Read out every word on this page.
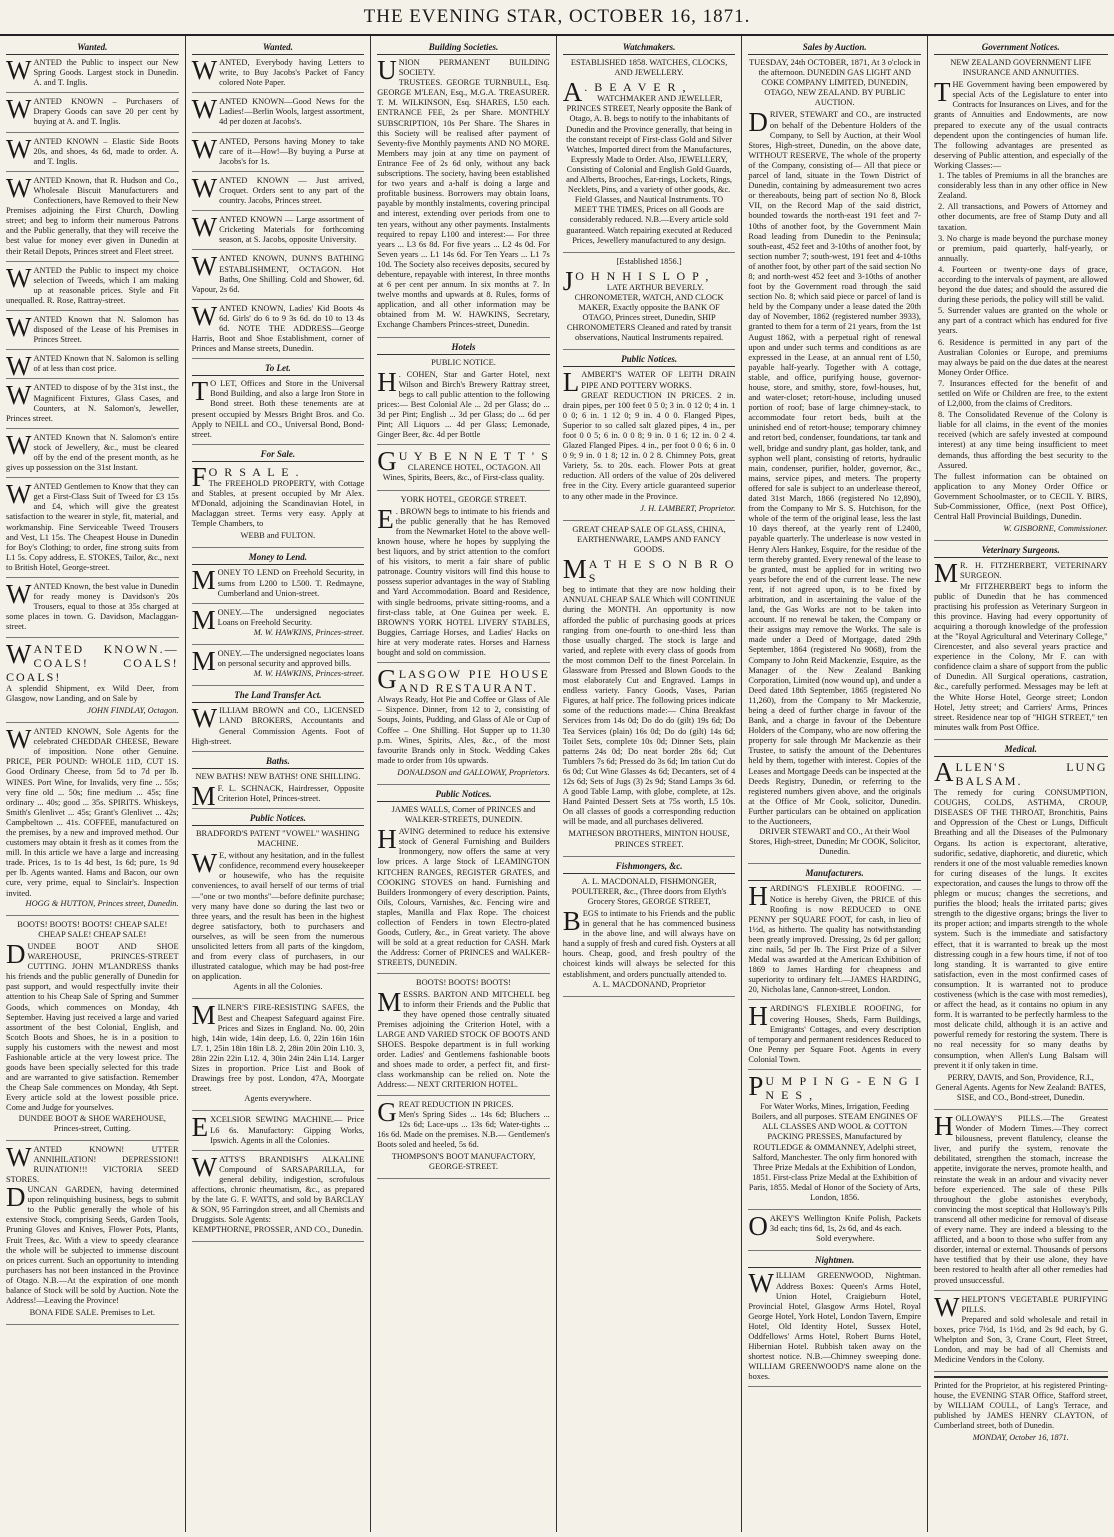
THE EVENING STAR, OCTOBER 16, 1871.
Wanted.
WANTED the Public to inspect our New Spring Goods. Largest stock in Dunedin. A. and T. Inglis.
WANTED KNOWN – Purchasers of Drapery Goods can save 20 per cent by buying at A. and T. Inglis.
WANTED KNOWN – Elastic Side Boots 20s, and shoes, 4s 6d, made to order. A. and T. Inglis.
WANTED Known, that R. Hudson and Co., Wholesale Biscuit Manufacturers and Confectioners, have Removed to their New Premises adjoining the First Church, Dowling street; and beg to inform their numerous Patrons and the Public generally, that they will receive the best value for money ever given in Dunedin at their Retail Depots, Princes street and Fleet street.
WANTED the Public to inspect my choice selection of Tweeds, which I am making up at reasonable prices. Style and Fit unequalled. R. Rose, Rattray-street.
WANTED Known that N. Salomon has disposed of the Lease of his Premises in Princes Street.
WANTED Known that N. Salomon is selling of at less than cost price.
WANTED to dispose of by the 31st inst., the Magnificent Fixtures, Glass Cases, and Counters, at N. Salomon's, Jeweller, Princes street.
WANTED Known that N. Salomon's entire stock of Jewellery, &c., must be cleared off by the end of the present month, as he gives up possession on the 31st Instant.
WANTED Gentlemen to Know that they can get a First-Class Suit of Tweed for £3 15s and £4, which will give the greatest satisfaction to the wearer in style, fit, material, and workmanship. Fine Serviceable Tweed Trousers and Vest, L1 15s. The Cheapest House in Dunedin for Boy's Clothing; to order, fine strong suits from L1 5s. Copy address, E. STOKES, Tailor, &c., next to British Hotel, George-street.
WANTED Known, the best value in Dunedin for ready money is Davidson's 20s Trousers, equal to those at 35s charged at some places in town. G. Davidson, Maclaggan-street.
WANTED KNOWN.— COALS! COALS! COALS!

A splendid Shipment, ex Wild Deer, from Glasgow, now Landing, and on Sale by

JOHN FINDLAY, Octagon.

WANTED KNOWN, Sole Agents for the celebrated CHEDDAR CHEESE, Beware of imposition. None other Genuine. PRICE, PER POUND: WHOLE 11D, CUT 1S. Good Ordinary Cheese, from 5d to 7d per lb. WINES. Port Wine, for Invalids, very fine ... 55s; very fine old ... 50s; fine medium ... 45s; fine ordinary ... 40s; good ... 35s. SPIRITS. Whiskeys, Smith's Glenlivet ... 45s; Grant's Glenlivet ... 42s; Campbeltown ... 41s. COFFEE, manufactured on the premises, by a new and improved method. Our customers may obtain it fresh as it comes from the mill. In this article we have a large and increasing trade. Prices, 1s to 1s 4d best, 1s 6d; pure, 1s 9d per lb. Agents wanted. Hams and Bacon, our own cure, very prime, equal to Sinclair's. Inspection invited.

HOGG & HUTTON, Princes street, Dunedin.

BOOTS! BOOTS! BOOTS! CHEAP SALE! CHEAP SALE! CHEAP SALE!

D UNDEE BOOT AND SHOE WAREHOUSE, PRINCES-STREET CUTTING. JOHN M'LANDRESS thanks his friends and the public generally of Dunedin for past support, and would respectfully invite their attention to his Cheap Sale of Spring and Summer Goods, which commences on Monday, 4th September. Having just received a large and varied assortment of the best Colonial, English, and Scotch Boots and Shoes, he is in a position to supply his customers with the newest and most Fashionable article at the very lowest price. The goods have been specially selected for this trade and are warranted to give satisfaction. Remember the Cheap Sale commences on Monday, 4th Sept. Every article sold at the lowest possible price. Come and Judge for yourselves.

DUNDEE BOOT & SHOE WAREHOUSE, Princes-street, Cutting.

WANTED KNOWN! UTTER ANNIHILATION! DEPRESSION!! RUINATION!!! VICTORIA SEED STORES.

DUNCAN GARDEN, having determined upon relinquishing business, begs to submit to the Public generally the whole of his extensive Stock, comprising Seeds, Garden Tools, Pruning Gloves and Knives, Flower Pots, Plants, Fruit Trees, &c. With a view to speedy clearance the whole will be subjected to immense discount on prices current. Such an opportunity to intending purchasers has not been instanced in the Province of Otago. N.B.—At the expiration of one month balance of Stock will be sold by Auction. Note the Address!—Leaving the Province!

BONA FIDE SALE. Premises to Let.

Wanted.
WANTED, Everybody having Letters to write, to Buy Jacobs's Packet of Fancy colored Note Paper.
WANTED KNOWN—Good News for the Ladies!—Berlin Wools, largest assortment, 4d per dozen at Jacobs's.
WANTED, Persons having Money to take care of it—How!—By buying a Purse at Jacobs's for 1s.
WANTED KNOWN — Just arrived, Croquet. Orders sent to any part of the country. Jacobs, Princes street.
WANTED KNOWN — Large assortment of Cricketing Materials for forthcoming season, at S. Jacobs, opposite University.
WANTED KNOWN, DUNN'S BATHING ESTABLISHMENT, OCTAGON. Hot Baths, One Shilling. Cold and Shower, 6d. Vapour, 2s 6d.
WANTED KNOWN, Ladies' Kid Boots 4s 6d. Girls' do 6 to 9 3s 6d. do 10 to 13 4s 6d. NOTE THE ADDRESS—George Harris, Boot and Shoe Establishment, corner of Princes and Manse streets, Dunedin.
To Let.
T O LET, Offices and Store in the Universal Bond Building, and also a large Iron Store in Bond street. Both these tenements are at present occupied by Messrs Bright Bros. and Co. Apply to NEILL and CO., Universal Bond, Bond-street.
For Sale.
F O R S A L E .

The FREEHOLD PROPERTY, with Cottage and Stables, at present occupied by Mr Alex. M'Donald, adjoining the Scandinavian Hotel, in Maclaggan street. Terms very easy. Apply at Temple Chambers, to

WEBB and FULTON.

Money to Lend.
MONEY TO LEND on Freehold Security, in sums from L200 to L500. T. Redmayne, Cumberland and Union-street.
MONEY.—The undersigned negociates Loans on Freehold Security.

M. W. HAWKINS, Princes-street.

MONEY.—The undersigned negociates loans on personal security and approved bills.

M. W. HAWKINS, Princes-street.

The Land Transfer Act.
WILLIAM BROWN and CO., LICENSED LAND BROKERS, Accountants and General Commission Agents. Foot of High-street.
Baths.

NEW BATHS! NEW BATHS! ONE SHILLING.

M F. L. SCHNACK, Hairdresser, Opposite Criterion Hotel, Princes-street.
Public Notices.

BRADFORD'S PATENT "VOWEL" WASHING MACHINE.

W E, without any hesitation, and in the fullest confidence, recommend every housekeeper or housewife, who has the requisite conveniences, to avail herself of our terms of trial—"one or two months"—before definite purchase; very many have done so during the last two or three years, and the result has been in the highest degree satisfactory, both to purchasers and ourselves, as will be seen from the numerous unsolicited letters from all parts of the kingdom, and from every class of purchasers, in our illustrated catalogue, which may be had post-free on application.

Agents in all the Colonies.

MILNER'S FIRE-RESISTING SAFES, the Best and Cheapest Safeguard against Fire. Prices and Sizes in England. No. 00, 20in high, 14in wide, 14in deep, L6. 0, 22in 16in 16in L7. 1, 25in 18in 18in L8. 2, 28in 20in 20in L10. 3, 28in 22in 22in L12. 4, 30in 24in 24in L14. Larger Sizes in proportion. Price List and Book of Drawings free by post. London, 47A, Moorgate street.

Agents everywhere.

EXCELSIOR SEWING MACHINE.— Price L6 6s. Manufactory: Gipping Works, Ipswich. Agents in all the Colonies.
WATTS'S BRANDISH'S ALKALINE Compound of SARSAPARILLA, for general debility, indigestion, scrofulous affections, chronic rheumatism, &c., as prepared by the late G. F. WATTS, and sold by BARCLAY & SON, 95 Farringdon street, and all Chemists and Druggists. Sole Agents:

KEMPTHORNE, PROSSER, AND CO., Dunedin.

Building Societies.
UNION PERMANENT BUILDING SOCIETY.

TRUSTEES. GEORGE TURNBULL, Esq. GEORGE M'LEAN, Esq., M.G.A. TREASURER. T. M. WILKINSON, Esq. SHARES, L50 each. ENTRANCE FEE, 2s per Share. MONTHLY SUBSCRIPTION, 10s Per Share. The Shares in this Society will be realised after payment of Seventy-five Monthly payments AND NO MORE. Members may join at any time on payment of Entrance Fee of 2s 6d only, without any back subscriptions. The society, having been established for two years and a-half is doing a large and profitable business. Borrowers may obtain loans, payable by monthly instalments, covering principal and interest, extending over periods from one to ten years, without any other payments. Instalments required to repay L100 and interest:— For three years ... L3 6s 8d. For five years ... L2 4s 0d. For Seven years ... L1 14s 6d. For Ten Years ... L1 7s 10d. The Society also receives deposits, secured by debenture, repayable with interest, In three months at 6 per cent per annum. In six months at 7. In twelve months and upwards at 8. Rules, forms of application, and all other information may be obtained from M. W. HAWKINS, Secretary, Exchange Chambers Princes-street, Dunedin.

Hotels

PUBLIC NOTICE.

H . COHEN, Star and Garter Hotel, next Wilson and Birch's Brewery Rattray street, begs to call public attention to the following prices:— Best Colonial Ale ... 2d per Glass; do ... 3d per Pint; English ... 3d per Glass; do ... 6d per Pint; All Liquors ... 4d per Glass; Lemonade, Ginger Beer, &c. 4d per Bottle
G U Y B E N N E T T ' S

CLARENCE HOTEL, OCTAGON. All Wines, Spirits, Beers, &c., of First-class quality.

YORK HOTEL, GEORGE STREET.

E . BROWN begs to intimate to his friends and the public generally that he has Removed from the Newmarket Hotel to the above well-known house, where he hopes by supplying the best liquors, and by strict attention to the comfort of his visitors, to merit a fair share of public patronage. Country visitors will find this house to possess superior advantages in the way of Stabling and Yard Accommodation. Board and Residence, with single bedrooms, private sitting-rooms, and a first-class table, at One Guinea per week. E. BROWN'S YORK HOTEL LIVERY STABLES, Buggies, Carriage Horses, and Ladies' Hacks on hire at very moderate rates. Horses and Harness bought and sold on commission.
GLASGOW PIE HOUSE AND RESTAURANT.

Always Ready, Hot Pie and Coffee or Glass of Ale – Sixpence. Dinner, from 12 to 2, consisting of Soups, Joints, Pudding, and Glass of Ale or Cup of Coffee – One Shilling. Hot Supper up to 11.30 p.m. Wines, Spirits, Ales, &c., of the most favourite Brands only in Stock. Wedding Cakes made to order from 10s upwards.

DONALDSON and GALLOWAY, Proprietors.

Public Notices.

JAMES WALLS, Corner of PRINCES and WALKER-STREETS, DUNEDIN.

H AVING determined to reduce his extensive stock of General Furnishing and Builders Ironmongery, now offers the same at very low prices. A large Stock of LEAMINGTON KITCHEN RANGES, REGISTER GRATES, and COOKING STOVES on hand. Furnishing and Builders Ironmongery of every description. Paints, Oils, Colours, Varnishes, &c. Fencing wire and staples, Manilla and Flax Rope. The choicest collection of Fenders in town Electro-plated Goods, Cutlery, &c., in Great variety. The above will be sold at a great reduction for CASH. Mark the Address: Corner of PRINCES and WALKER-STREETS, DUNEDIN.

BOOTS! BOOTS! BOOTS!

M ESSRS. BARTON AND MITCHELL beg to inform their Friends and the Public that they have opened those centrally situated Premises adjoining the Criterion Hotel, with a LARGE AND VARIED STOCK OF BOOTS AND SHOES. Bespoke department is in full working order. Ladies' and Gentlemens fashionable boots and shoes made to order, a perfect fit, and first-class workmanship can be relied on. Note the Address:— NEXT CRITERION HOTEL.
GREAT REDUCTION IN PRICES.

Men's Spring Sides ... 14s 6d; Bluchers ... 12s 6d; Lace-ups ... 13s 6d; Water-tights ... 16s 6d. Made on the premises. N.B.— Gentlemen's Boots soled and heeled, 5s 6d.

THOMPSON'S BOOT MANUFACTORY, GEORGE-STREET.

Watchmakers.

ESTABLISHED 1858. WATCHES, CLOCKS, AND JEWELLERY.

A . B E A V E R ,

WATCHMAKER AND JEWELLER, PRINCES STREET, Nearly opposite the Bank of Otago, A. B. begs to notify to the inhabitants of Dunedin and the Province generally, that being in the constant receipt of First-class Gold and Silver Watches, Imported direct from the Manufactures, Expressly Made to Order. Also, JEWELLERY, Consisting of Colonial and English Gold Guards, and Alberts, Brooches, Ear-rings, Lockets, Rings, Necklets, Pins, and a variety of other goods, &c. Field Glasses, and Nautical Instruments. TO MEET THE TIMES, Prices on all Goods are considerably reduced. N.B.—Every article sold guaranteed. Watch repairing executed at Reduced Prices, Jewellery manufactured to any design.

[Established 1856.]

J O H N H I S L O P ,

LATE ARTHUR BEVERLY. CHRONOMETER, WATCH, AND CLOCK MAKER, Exactly opposite the BANK OF OTAGO, Princes street, Dunedin, SHIP CHRONOMETERS Cleaned and rated by transit observations, Nautical Instruments repaired.

Public Notices.
LAMBERT'S WATER OF LEITH DRAIN PIPE AND POTTERY WORKS.

GREAT REDUCTION IN PRICES. 2 in. drain pipes, per 100 feet 0 5 0; 3 in. 0 12 0; 4 in. 1 0 0; 6 in. 1 12 0; 9 in. 4 0 0. Flanged Pipes, Superior to so called salt glazed pipes, 4 in., per foot 0 0 5; 6 in. 0 0 8; 9 in. 0 1 6; 12 in. 0 2 4. Glazed Flanged Pipes. 4 in., per foot 0 0 6; 6 in. 0 0 9; 9 in. 0 1 8; 12 in. 0 2 8. Chimney Pots, great Variety, 5s. to 20s. each. Flower Pots at great reduction. All orders of the value of 20s delivered free in the City. Every article guaranteed superior to any other made in the Province.

J. H. LAMBERT, Proprietor.

GREAT CHEAP SALE OF GLASS, CHINA, EARTHENWARE, LAMPS AND FANCY GOODS.

M A T H E S O N B R O S

beg to intimate that they are now holding their ANNUAL CHEAP SALE Which will CONTINUE during the MONTH. An opportunity is now afforded the public of purchasing goods at prices ranging from one-fourth to one-third less than those usually charged. The stock is large and varied, and replete with every class of goods from the most common Delf to the finest Porcelain. In Glassware from Pressed and Blown Goods to the most elaborately Cut and Engraved. Lamps in endless variety. Fancy Goods, Vases, Parian Figures, at half price. The following prices indicate some of the reductions made:— China Breakfast Services from 14s 0d; Do do do (gilt) 19s 6d; Do Tea Services (plain) 16s 0d; Do do (gilt) 14s 6d; Toilet Sets, complete 10s 0d; Dinner Sets, plain patterns 24s 0d; Do neat border 28s 6d; Cut Tumblers 7s 6d; Pressed do 3s 6d; Im tation Cut do 6s 0d; Cut Wine Glasses 4s 6d; Decanters, set of 4 12s 6d; Sets of Jugs (3) 2s 9d; Stand Lamps 3s 6d. A good Table Lamp, with globe, complete, at 12s. Hand Painted Dessert Sets at 75s worth, L5 10s. On all classes of goods a corresponding reduction will be made, and all purchases delivered.

MATHESON BROTHERS, MINTON HOUSE, PRINCES STREET.

Fishmongers, &c.

A. L. MACDONALD, FISHMONGER, POULTERER, &c., (Three doors from Elyth's Grocery Stores, GEORGE STREET,

B EGS to intimate to his Friends and the public in general that he has commenced business in the above line, and will always have on hand a supply of fresh and cured fish. Oysters at all hours. Cheap, good, and fresh poultry of the choicest kinds will always be selected for this establishment, and orders punctually attended to.

A. L. MACDONAND, Proprietor

Sales by Auction.

TUESDAY, 24th OCTOBER, 1871, At 3 o'clock in the afternoon. DUNEDIN GAS LIGHT AND COKE COMPANY LIMITED, DUNEDIN, OTAGO, NEW ZEALAND. BY PUBLIC AUCTION.

D RIVER, STEWART and CO., are instructed on behalf of the Debenture Holders of the Company, to Sell by Auction, at their Wool Stores, High-street, Dunedin, on the above date, WITHOUT RESERVE, The whole of the property of the Company, consisting of— All that piece or parcel of land, situate in the Town District of Dunedin, containing by admeasurement two acres or thereabouts, being part of section No 8, Block VII, on the Record Map of the said district, bounded towards the north-east 191 feet and 7-10ths of another foot, by the Government Main Road leading from Dunedin to the Peninsula; south-east, 452 feet and 3-10ths of another foot, by section number 7; south-west, 191 feet and 4-10ths of another foot, by other part of the said section No 8; and north-west 452 feet and 3-10ths of another foot by the Government road through the said section No. 8; which said piece or parcel of land is held by the Company under a lease dated the 20th day of November, 1862 (registered number 3933), granted to them for a term of 21 years, from the 1st August 1862, with a perpetual right of renewal upon and under such terms and conditions as are expressed in the Lease, at an annual rent of L50, payable half-yearly. Together with A cottage, stable, and office, purifying house, governor-house, store, and smithy, store, fowl-houses, hut, and water-closet; retort-house, including unused portion of roof; base of large chimney-stack, to accommodate four retort beds, built at the uninished end of retort-house; temporary chimney and retort bed, condenser, foundations, tar tank and well, bridge and sundry plant, gas holder, tank, and syphon well plant, consisting of retorts, hydraulic main, condenser, purifier, holder, governor, &c., mains, service pipes, and meters. The property offered for sale is subject to an underlease thereof, dated 31st March, 1866 (registered No 12,890), from the Company to Mr S. S. Hutchison, for the whole of the term of the original lease, less the last 10 days thereof, at the yearly rent of L2400, payable quarterly. The underlease is now vested in Henry Alers Hankey, Esquire, for the residue of the term thereby granted. Every renewal of the lease to be granted, must be applied for in writing two years before the end of the current lease. The new rent, if not agreed upon, is to be fixed by arbitration, and in ascertaining the value of the land, the Gas Works are not to be taken into account. If no renewal be taken, the Company or their assigns may remove the Works. The sale is made under a Deed of Mortgage, dated 29th September, 1864 (registered No 9068), from the Company to John Reid Mackenzie, Esquire, as the Manager of the New Zealand Banking Corporation, Limited (now wound up), and under a Deed dated 18th September, 1865 (registered No 11,260), from the Company to Mr Mackenzie, being a deed of further charge in favour of the Bank, and a charge in favour of the Debenture Holders of the Company, who are now offering the property for sale through Mr Mackenzie as their Trustee, to satisfy the amount of the Debentures held by them, together with interest. Copies of the Leases and Mortgage Deeds can be inspected at the Deeds Registry, Dunedin, or referring to the registered numbers given above, and the originals at the Office of Mr Cook, solicitor, Dunedin. Further particulars can be obtained on application to the Auctioneers,

DRIVER STEWART and CO., At their Wool Stores, High-street, Dunedin; Mr COOK, Solicitor, Dunedin.

Manufacturers.
HARDING'S FLEXIBLE ROOFING. —Notice is hereby Given, the PRICE of this Roofing is now REDUCED to ONE PENNY per SQUARE FOOT, for cash, in lieu of 1½d, as hitherto. The quality has notwithstanding been greatly improved. Dressing, 2s 6d per gallon; zinc nails, 5d per lb. The First Prize of a Silver Medal was awarded at the American Exhibition of 1869 to James Harding for cheapness and superiority to ordinary felt.—JAMES HARDING, 20, Nicholas lane, Cannon-street, London.
HARDING'S FLEXIBLE ROOFING, for covering Houses, Sheds, Farm Buildings, Emigrants' Cottages, and every description of temporary and permanent residences Reduced to One Penny per Square Foot. Agents in every Colonial Town.
P U M P I N G - E N G I N E S ,

For Water Works, Mines, Irrigation, Feeding Boilers, and all purposes. STEAM ENGINES OF ALL CLASSES AND WOOL & COTTON PACKING PRESSES, Manufactured by ROUTLEDGE & OMMANNEY, Adelphi street, Salford, Manchester. The only firm honored with Three Prize Medals at the Exhibition of London, 1851. First-class Prize Medal at the Exhibition of Paris, 1855. Medal of Honor of the Society of Arts, London, 1856.

OAKEY'S Wellington Knife Polish, Packets 3d each; tins 6d, 1s, 2s 6d, and 4s each.

Sold everywhere.

Nightmen.
WILLIAM GREENWOOD, Nightman. Address Boxes: Queen's Arms Hotel, Union Hotel, Craigieburn Hotel, Provincial Hotel, Glasgow Arms Hotel, Royal George Hotel, York Hotel, London Tavern, Empire Hotel, Old Identity Hotel, Sussex Hotel, Oddfellows' Arms Hotel, Robert Burns Hotel, Hibernian Hotel. Rubbish taken away on the shortest notice. N.B.—Chimney sweeping done. WILLIAM GREENWOOD'S name alone on the boxes.
Government Notices.

NEW ZEALAND GOVERNMENT LIFE INSURANCE AND ANNUITIES.

T HE Government having been empowered by special Acts of the Legislature to enter into Contracts for Insurances on Lives, and for the grants of Annuities and Endowments, are now prepared to execute any of the usual contracts dependent upon the contingencies of human life. The following advantages are presented as deserving of Public attention, and especially of the Working Classes:—
1. The tables of Premiums in all the branches are considerably less than in any other office in New Zealand.
2. All transactions, and Powers of Attorney and other documents, are free of Stamp Duty and all taxation.
3. No charge is made beyond the purchase money or premium, paid quarterly, half-yearly, or annually.
4. Fourteen or twenty-one days of grace, according to the intervals of payment, are allowed beyond the due dates; and should the assured die during these periods, the policy will still be valid.
5. Surrender values are granted on the whole or any part of a contract which has endured for five years.
6. Residence is permitted in any part of the Australian Colonies or Europe, and premiums may always be paid on the due dates at the nearest Money Order Office.
7. Insurances effected for the benefit of and settled on Wife or Children are free, to the extent of L2,000, from the claims of Creditors.
8. The Consolidated Revenue of the Colony is liable for all claims, in the event of the monies received (which are safely invested at compound interest) at any time being insufficient to meet demands, thus affording the best security to the Assured.

The fullest information can be obtained on application to any Money Order Office or Government Schoolmaster, or to CECIL Y. BIRS, Sub-Commissioner, Office, (next Post Office), Central Hall Provincial Buildings, Dunedin.

W. GISBORNE, Commissioner.

Veterinary Surgeons.
M R. H. FITZHERBERT, VETERINARY SURGEON.

Mr FITZHERBERT begs to inform the public of Dunedin that he has commenced practising his profession as Veterinary Surgeon in this province. Having had every opportunity of acquiring a thorough knowledge of the profession at the "Royal Agricultural and Veterinary College," Cirencester, and also several years practice and experience in the Colony, Mr F. can with confidence claim a share of support from the public of Dunedin. All Surgical operations, castration, &c., carefully performed. Messages may be left at the White Horse Hotel, George street; London Hotel, Jetty street; and Carriers' Arms, Princes street. Residence near top of "HIGH STREET," ten minutes walk from Post Office.

Medical.
ALLEN'S LUNG BALSAM.

The remedy for curing CONSUMPTION, COUGHS, COLDS, ASTHMA, CROUP, DISEASES OF THE THROAT, Bronchitis, Pains and Oppression of the Chest or Lungs, Difficult Breathing and all the Diseases of the Pulmonary Organs. Its action is expectorant, alterative, sudorific, sedative, diaphoretic, and diuretic, which renders it one of the most valuable remedies known for curing diseases of the lungs. It excites expectoration, and causes the lungs to throw off the phlegm or mucus; changes the secretions, and purifies the blood; heals the irritated parts; gives strength to the digestive organs; brings the liver to its proper action; and imparts strength to the whole system. Such is the immediate and satisfactory effect, that it is warranted to break up the most distressing cough in a few hours time, if not of too long standing. It is warranted to give entire satisfaction, even in the most confirmed cases of consumption. It is warranted not to produce costiveness (which is the case with most remedies), or affect the head, as it contains no opium in any form. It is warranted to be perfectly harmless to the most delicate child, although it is an active and powerful remedy for restoring the system. There is no real necessity for so many deaths by consumption, when Allen's Lung Balsam will prevent it if only taken in time.

PERRY, DAVIS, and Son, Providence, R.I., General Agents. Agents for New Zealand: BATES, SISE, and CO., Bond-street, Dunedin.

HOLLOWAY'S PILLS.—The Greatest Wonder of Modern Times.—They correct bilousness, prevent flatulency, cleanse the liver, and purify the system, renovate the debilitated, strengthen the stomach, increase the appetite, invigorate the nerves, promote health, and reinstate the weak in an ardour and vivacity never before experienced. The sale of these Pills throughout the globe astonishes everybody, convincing the most sceptical that Holloway's Pills transcend all other medicine for removal of disease of every name. They are indeed a blessing to the afflicted, and a boon to those who suffer from any disorder, internal or external. Thousands of persons have testified that by their use alone, they have been restored to health after all other remedies had proved unsuccessful.
WHELPTON'S VEGETABLE PURIFYING PILLS.

Prepared and sold wholesale and retail in boxes, price 7½d, 1s 1½d, and 2s 9d each, by G. Whelpton and Son, 3, Crane Court, Fleet Street, London, and may be had of all Chemists and Medicine Vendors in the Colony.

Printed for the Proprietor, at his registered Printing-house, the EVENING STAR Office, Stafford street, by WILLIAM COULL, of Lang's Terrace, and published by JAMES HENRY CLAYTON, of Cumberland street, both of Dunedin.

MONDAY, October 16, 1871.
